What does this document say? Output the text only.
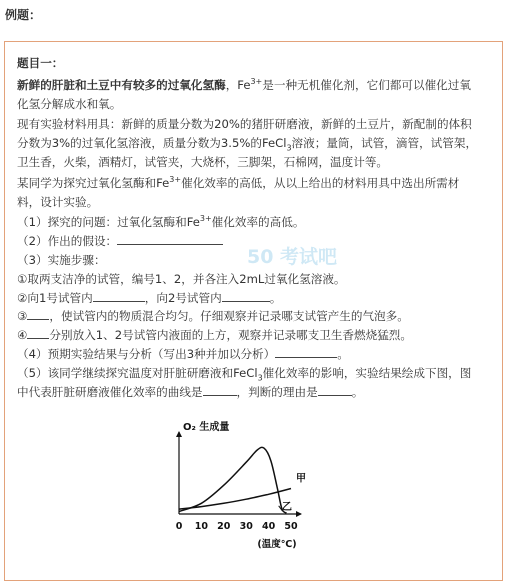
例题：

题目一：

新鲜的肝脏和土豆中有较多的过氧化氢酶，$Fe^{3+}$是一种无机催化剂，它们都可以催化过氧

化氢分解成水和氧。

现有实验材料用具：新鲜的质量分数为20%的猪肝研磨液，新鲜的土豆片，新配制的体积

分数为3%的过氧化氢溶液，质量分数为3.5%的FeCl$_3$溶液；量筒，试管，滴管，试管架，

卫生香，火柴，酒精灯，试管夹，大烧杯，三脚架，石棉网，温度计等。

某同学为探究过氧化氢酶和$Fe^{3+}$催化效率的高低，从以上给出的材料用具中选出所需材

料，设计实验。

（1）探究的问题：过氧化氢酶和$Fe^{3+}$催化效率的高低。

（2）作出的假设：

（3）实施步骤：

①取两支洁净的试管，编号1、2，并各注入2mL过氧化氢溶液。

②向1号试管内	，向2号试管内	。

③ ，使试管内的物质混合均匀。仔细观察并记录哪支试管产生的气泡多。

④ 分别放入1、2号试管内液面的上方，观察并记录哪支卫生香燃烧猛烈。

（4）预期实验结果与分析（写出3种并加以分析）	。

（5）该同学继续探究温度对肝脏研磨液和FeCl$_3$催化效率的影响，实验结果绘成下图，图

中代表肝脏研磨液催化效率的曲线是	，判断的理由是	。

50 考试吧
O₂ 生成量
0 10 20 30 40 50
(温度℃)
甲
乙
